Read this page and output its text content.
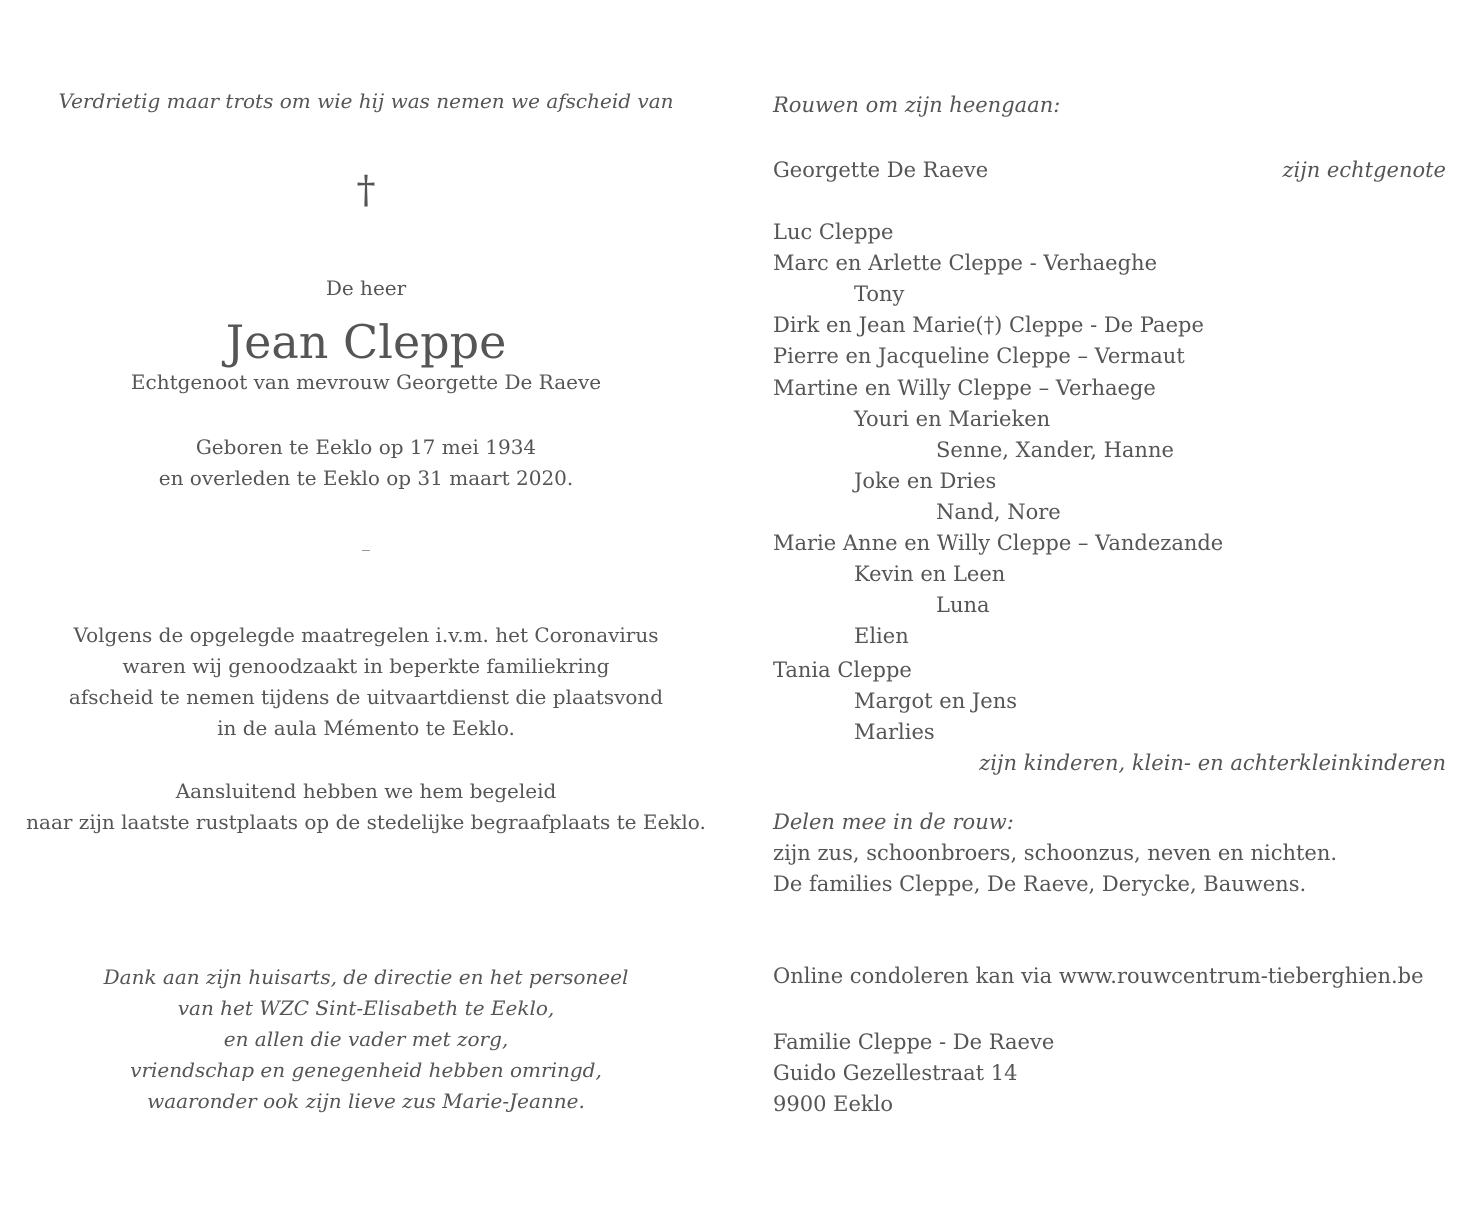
Verdrietig maar trots om wie hij was nemen we afscheid van
†
De heer
Jean Cleppe
Echtgenoot van mevrouw Georgette De Raeve
Geboren te Eeklo op 17 mei 1934
en overleden te Eeklo op 31 maart 2020.
_
Volgens de opgelegde maatregelen i.v.m. het Coronavirus
waren wij genoodzaakt in beperkte familiekring
afscheid te nemen tijdens de uitvaartdienst die plaatsvond
in de aula Mémento te Eeklo.
Aansluitend hebben we hem begeleid
naar zijn laatste rustplaats op de stedelijke begraafplaats te Eeklo.
Dank aan zijn huisarts, de directie en het personeel
van het WZC Sint-Elisabeth te Eeklo,
en allen die vader met zorg,
vriendschap en genegenheid hebben omringd,
waaronder ook zijn lieve zus Marie-Jeanne.
Rouwen om zijn heengaan:
Georgette De Raeve	zijn echtgenote
Luc Cleppe
Marc en Arlette Cleppe - Verhaeghe
Tony
Dirk en Jean Marie(†) Cleppe - De Paepe
Pierre en Jacqueline Cleppe – Vermaut
Martine en Willy Cleppe – Verhaege
Youri en Marieken
Senne, Xander, Hanne
Joke en Dries
Nand, Nore
Marie Anne en Willy Cleppe – Vandezande
Kevin en Leen
Luna
Elien
Tania Cleppe
Margot en Jens
Marlies
zijn kinderen, klein- en achterkleinkinderen
Delen mee in de rouw:
zijn zus, schoonbroers, schoonzus, neven en nichten.
De families Cleppe, De Raeve, Derycke, Bauwens.
Online condoleren kan via www.rouwcentrum-tieberghien.be
Familie Cleppe - De Raeve
Guido Gezellestraat 14
9900 Eeklo
